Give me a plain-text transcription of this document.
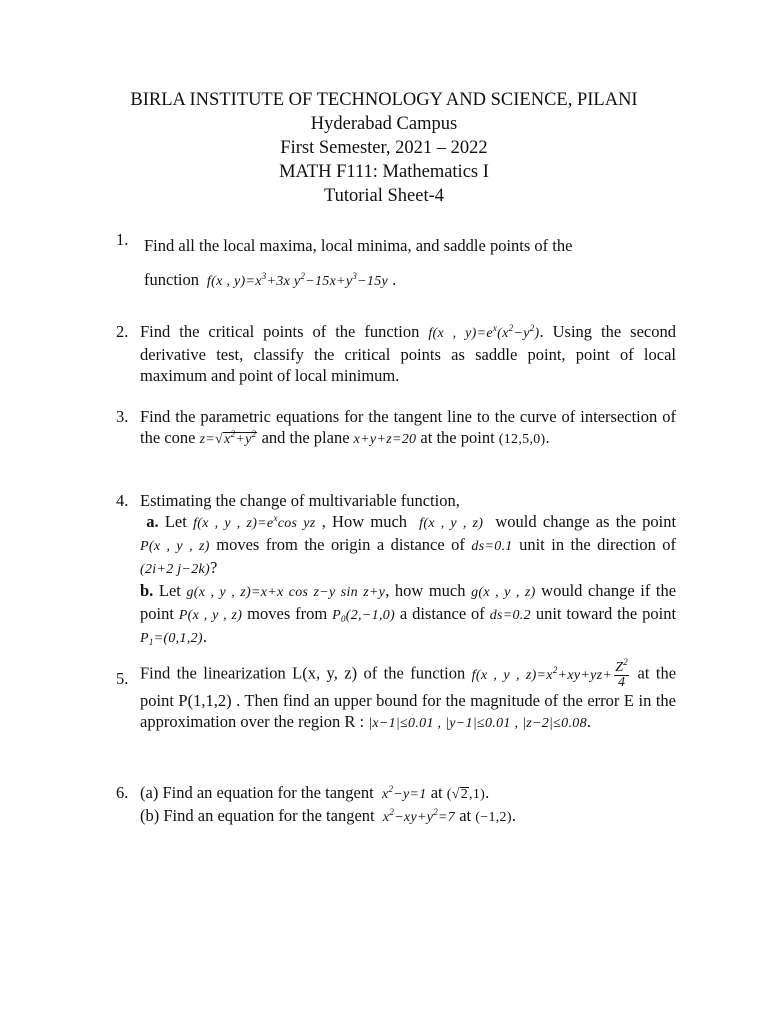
BIRLA INSTITUTE OF TECHNOLOGY AND SCIENCE, PILANI
Hyderabad Campus
First Semester, 2021 – 2022
MATH F111: Mathematics I
Tutorial Sheet-4
1. Find all the local maxima, local minima, and saddle points of the
function  f(x , $y)=x^3+3x$ $y^2-15x+y^3-15y$ .
2. Find the critical points of the function f(x , $y)=e^x(x^2-y^2)$. Using the second derivative test, classify the critical points as saddle point, point of local maximum and point of local minimum.
3. Find the parametric equations for the tangent line to the curve of intersection of the cone $z=√x^2+y^2$ and the plane x+y+z=20 at the point (12,5,0).
4. Estimating the change of multivariable function,
a. Let f(x , y , $z)=e^x\cos$ yz , How much  f(x , y , z)  would change as the point P(x , y , z) moves from the origin a distance of ds=0.1 unit in the direction of (2i+2 j−2k)?
b. Let g(x , y , z)=x+x cos z−y sin z+y, how much g(x , y , z) would change if the point P(x , y , z) moves from $P_0(2,-1,0)$ a distance of ds=0.2 unit toward the point $P_1=(0,1,2)$.
5. Find the linearization L(x, y, z) of the function f(x , y , $z)=x^2+xy+yz+ \frac{Z^2}{4}$ at the point P(1,1,2) . Then find an upper bound for the magnitude of the error E in the approximation over the region R : |x−1|≤0.01 , |y−1|≤0.01 , |z−2|≤0.08.
6. (a) Find an equation for the tangent $x^2-y=1$ at (√2,1).
(b) Find an equation for the tangent $x^2-xy+y^2=7$ at (−1,2).
